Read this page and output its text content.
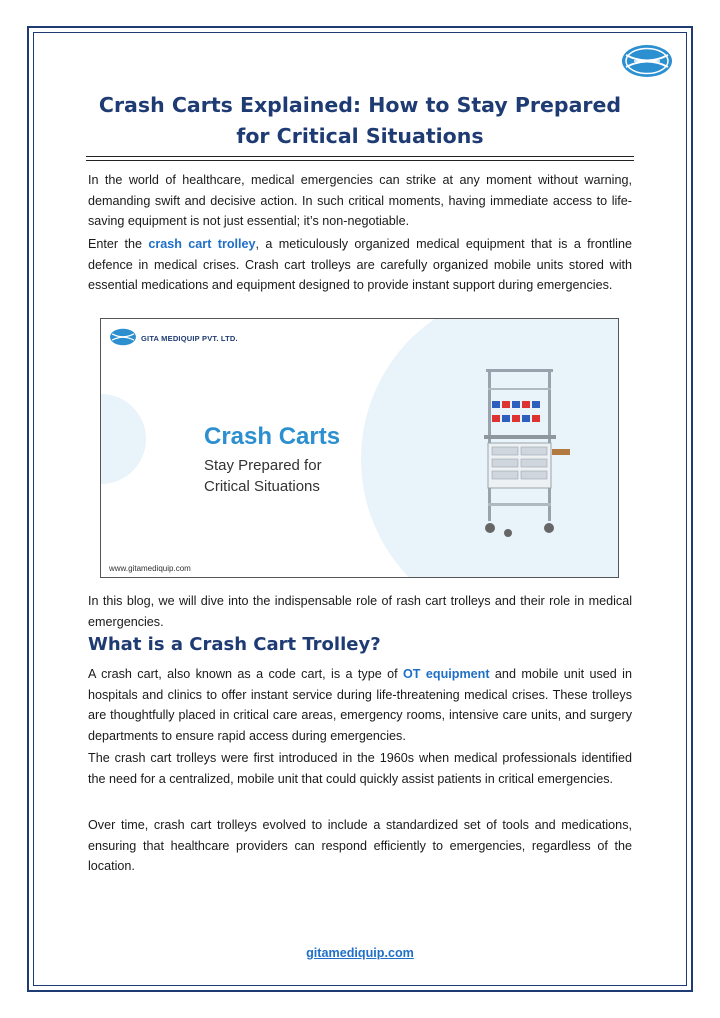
Crash Carts Explained: How to Stay Prepared for Critical Situations

In the world of healthcare, medical emergencies can strike at any moment without warning, demanding swift and decisive action. In such critical moments, having immediate access to life-saving equipment is not just essential; it’s non-negotiable.

Enter the crash cart trolley, a meticulously organized medical equipment that is a frontline defence in medical crises. Crash cart trolleys are carefully organized mobile units stored with essential medications and equipment designed to provide instant support during emergencies.

GITA MEDIQUIP PVT. LTD.
Crash Carts

Stay Prepared for
Critical Situations

www.gitamediquip.com

In this blog, we will dive into the indispensable role of rash cart trolleys and their role in medical emergencies.

What is a Crash Cart Trolley?

A crash cart, also known as a code cart, is a type of OT equipment and mobile unit used in hospitals and clinics to offer instant service during life-threatening medical crises. These trolleys are thoughtfully placed in critical care areas, emergency rooms, intensive care units, and surgery departments to ensure rapid access during emergencies.

The crash cart trolleys were first introduced in the 1960s when medical professionals identified the need for a centralized, mobile unit that could quickly assist patients in critical emergencies.

Over time, crash cart trolleys evolved to include a standardized set of tools and medications, ensuring that healthcare providers can respond efficiently to emergencies, regardless of the location.

gitamediquip.com
